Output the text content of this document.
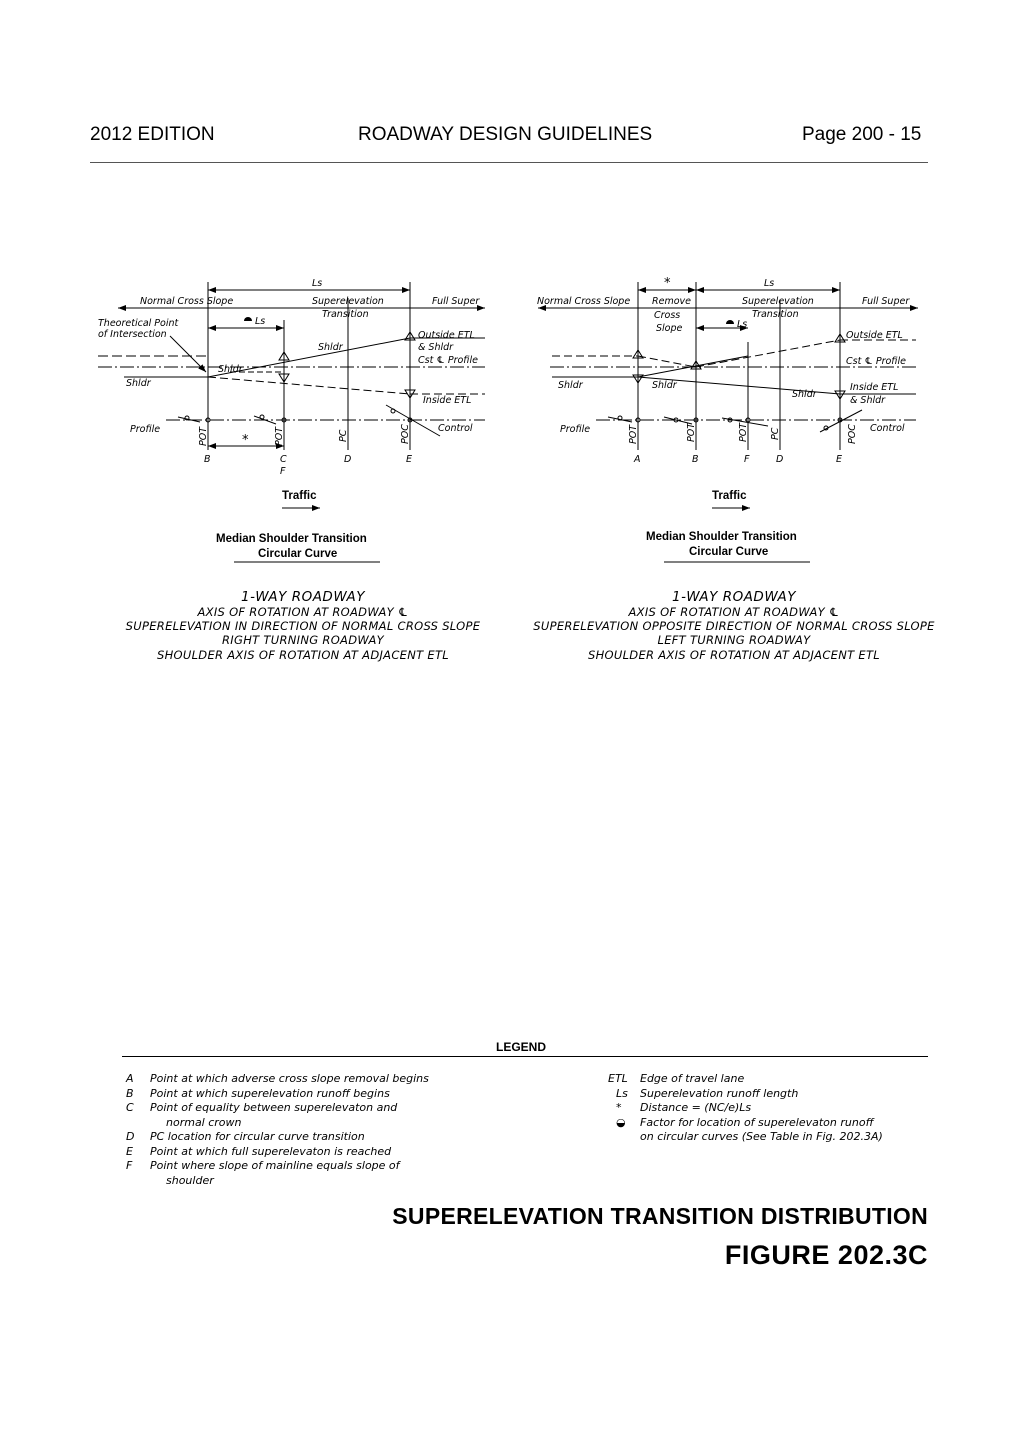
2012 EDITION	ROADWAY DESIGN GUIDELINES	Page 200 - 15
Ls
Normal Cross Slope	Superelevation
Transition
Full Super
Theoretical Point
of Intersection
Ls
Shldr
Shldr
Shldr
Outside ETL
& Shldr
Cst ℄ Profile
Inside ETL
Profile	Control
POT	POT	PC	POC
*
B	C
F
D	E
Traffic
Median Shoulder Transition
Circular Curve
1-WAY ROADWAY
AXIS OF ROTATION AT ROADWAY ℄
SUPERELEVATION IN DIRECTION OF NORMAL CROSS SLOPE
RIGHT TURNING ROADWAY
SHOULDER AXIS OF ROTATION AT ADJACENT ETL
*	Ls
Normal Cross Slope Remove
Cross
Slope
Superelevation
Transition
Full Super
Ls
Outside ETL
Cst ℄ Profile
Shldr	Shldr
Shldr
Inside ETL
& Shldr
Profile	Control
POT	POT	POT PC	POC
A	B	F	D	E
Traffic
Median Shoulder Transition
Circular Curve
1-WAY ROADWAY
AXIS OF ROTATION AT ROADWAY ℄
SUPERELEVATION OPPOSITE DIRECTION OF NORMAL CROSS SLOPE
LEFT TURNING ROADWAY
SHOULDER AXIS OF ROTATION AT ADJACENT ETL
LEGEND
A	Point at which adverse cross slope removal begins
B	Point at which superelevation runoff begins
C	Point of equality between superelevaton and
normal crown
D	PC location for circular curve transition
E	Point at which full superelevaton is reached
F	Point where slope of mainline equals slope of
shoulder
ETL	Edge of travel lane
Ls	Superelevation runoff length
*	Distance = (NC/e)Ls
◒	Factor for location of superelevaton runoff
on circular curves (See Table in Fig. 202.3A)
SUPERELEVATION TRANSITION DISTRIBUTION
FIGURE 202.3C
